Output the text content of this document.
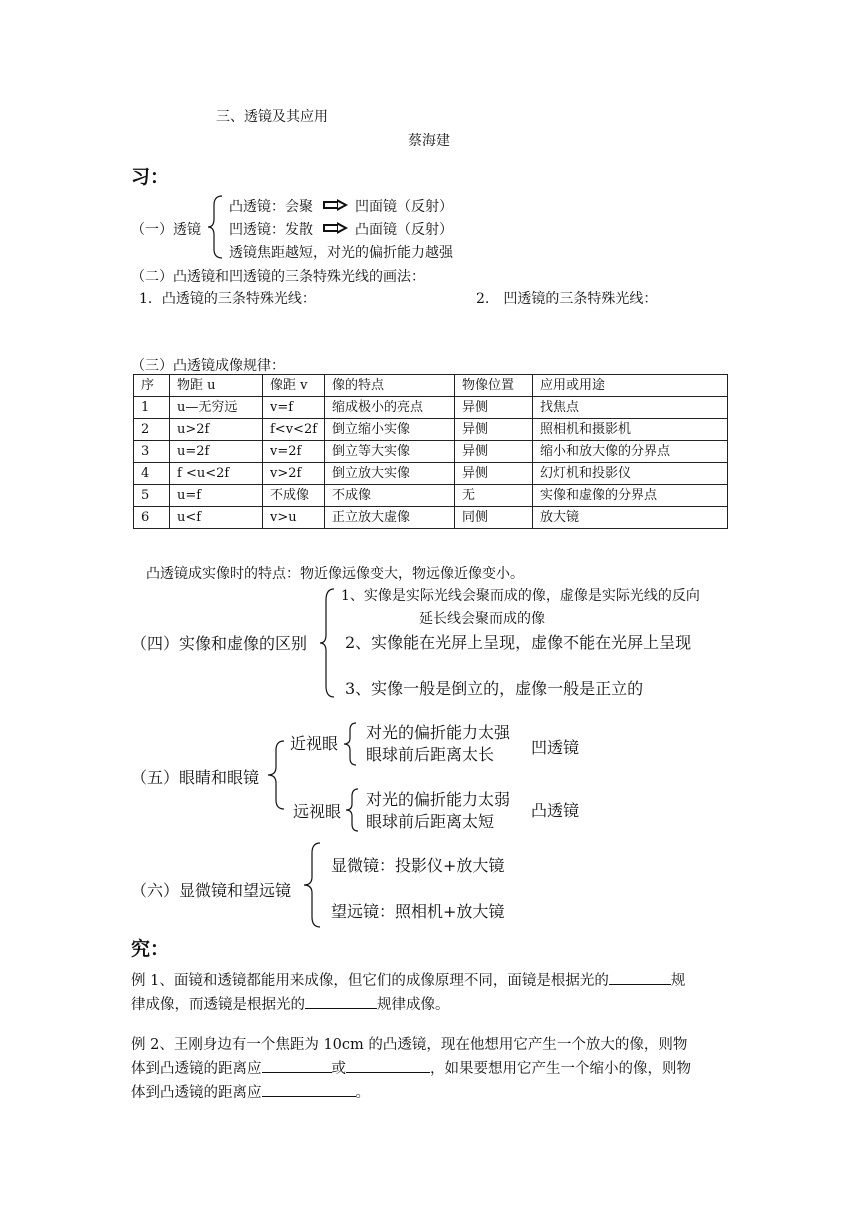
三、透镜及其应用
蔡海建
习：
（一）透镜
凸透镜：会聚	凹面镜（反射）
凹透镜：发散	凸面镜（反射）
透镜焦距越短，对光的偏折能力越强
（二）凸透镜和凹透镜的三条特殊光线的画法：
1．凸透镜的三条特殊光线：	2.　凹透镜的三条特殊光线：
（三）凸透镜成像规律：
序	物距 u	像距 v	像的特点	物像位置	应用或用途
1	u—无穷远	v=f	缩成极小的亮点	异侧	找焦点
2	u>2f	f<v<2f	倒立缩小实像	异侧	照相机和摄影机
3	u=2f	v=2f	倒立等大实像	异侧	缩小和放大像的分界点
4	f <u<2f	v>2f	倒立放大实像	异侧	幻灯机和投影仪
5	u=f	不成像	不成像	无	实像和虚像的分界点
6	u<f	v>u	正立放大虚像	同侧	放大镜
凸透镜成实像时的特点：物近像远像变大，物远像近像变小。
（四）实像和虚像的区别
1、实像是实际光线会聚而成的像，虚像是实际光线的反向
延长线会聚而成的像
2、实像能在光屏上呈现，虚像不能在光屏上呈现
3、实像一般是倒立的，虚像一般是正立的
（五）眼睛和眼镜
近视眼
对光的偏折能力太强
眼球前后距离太长 凹透镜
远视眼
对光的偏折能力太弱
眼球前后距离太短
凸透镜
（六）显微镜和望远镜
显微镜：投影仪+放大镜
望远镜：照相机+放大镜
究：
例 1、面镜和透镜都能用来成像，但它们的成像原理不同，面镜是根据光的	规
律成像，而透镜是根据光的	规律成像。
例 2、王刚身边有一个焦距为 10cm 的凸透镜，现在他想用它产生一个放大的像，则物
体到凸透镜的距离应	或	，如果要想用它产生一个缩小的像，则物
体到凸透镜的距离应	。
